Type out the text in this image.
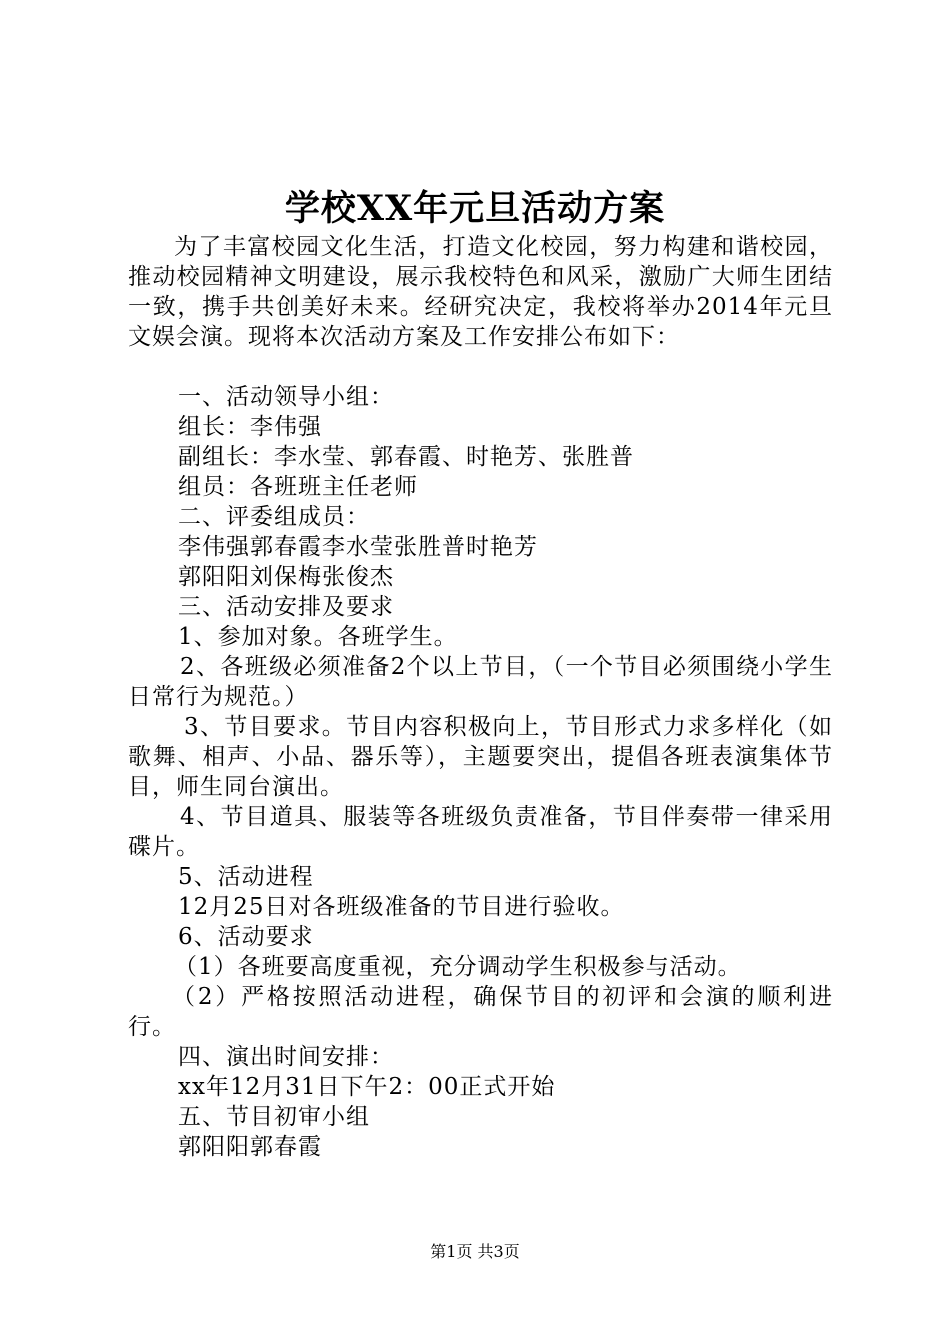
学校XX年元旦活动方案

为了丰富校园文化生活，打造文化校园，努力构建和谐校园，推动校园精神文明建设，展示我校特色和风采，激励广大师生团结一致，携手共创美好未来。经研究决定，我校将举办2014年元旦文娱会演。现将本次活动方案及工作安排公布如下：

一、活动领导小组：

组长：李伟强

副组长：李水莹、郭春霞、时艳芳、张胜普

组员：各班班主任老师

二、评委组成员：

李伟强郭春霞李水莹张胜普时艳芳

郭阳阳刘保梅张俊杰

三、活动安排及要求

1、参加对象。各班学生。

2、各班级必须准备2个以上节目，（一个节目必须围绕小学生日常行为规范。）

3、节目要求。节目内容积极向上，节目形式力求多样化（如歌舞、相声、小品、器乐等），主题要突出，提倡各班表演集体节目，师生同台演出。

4、节目道具、服装等各班级负责准备，节目伴奏带一律采用碟片。

5、活动进程

12月25日对各班级准备的节目进行验收。

6、活动要求

（1）各班要高度重视，充分调动学生积极参与活动。

（2）严格按照活动进程，确保节目的初评和会演的顺利进行。

四、演出时间安排：

xx年12月31日下午2：00正式开始

五、节目初审小组

郭阳阳郭春霞

第1页 共3页
